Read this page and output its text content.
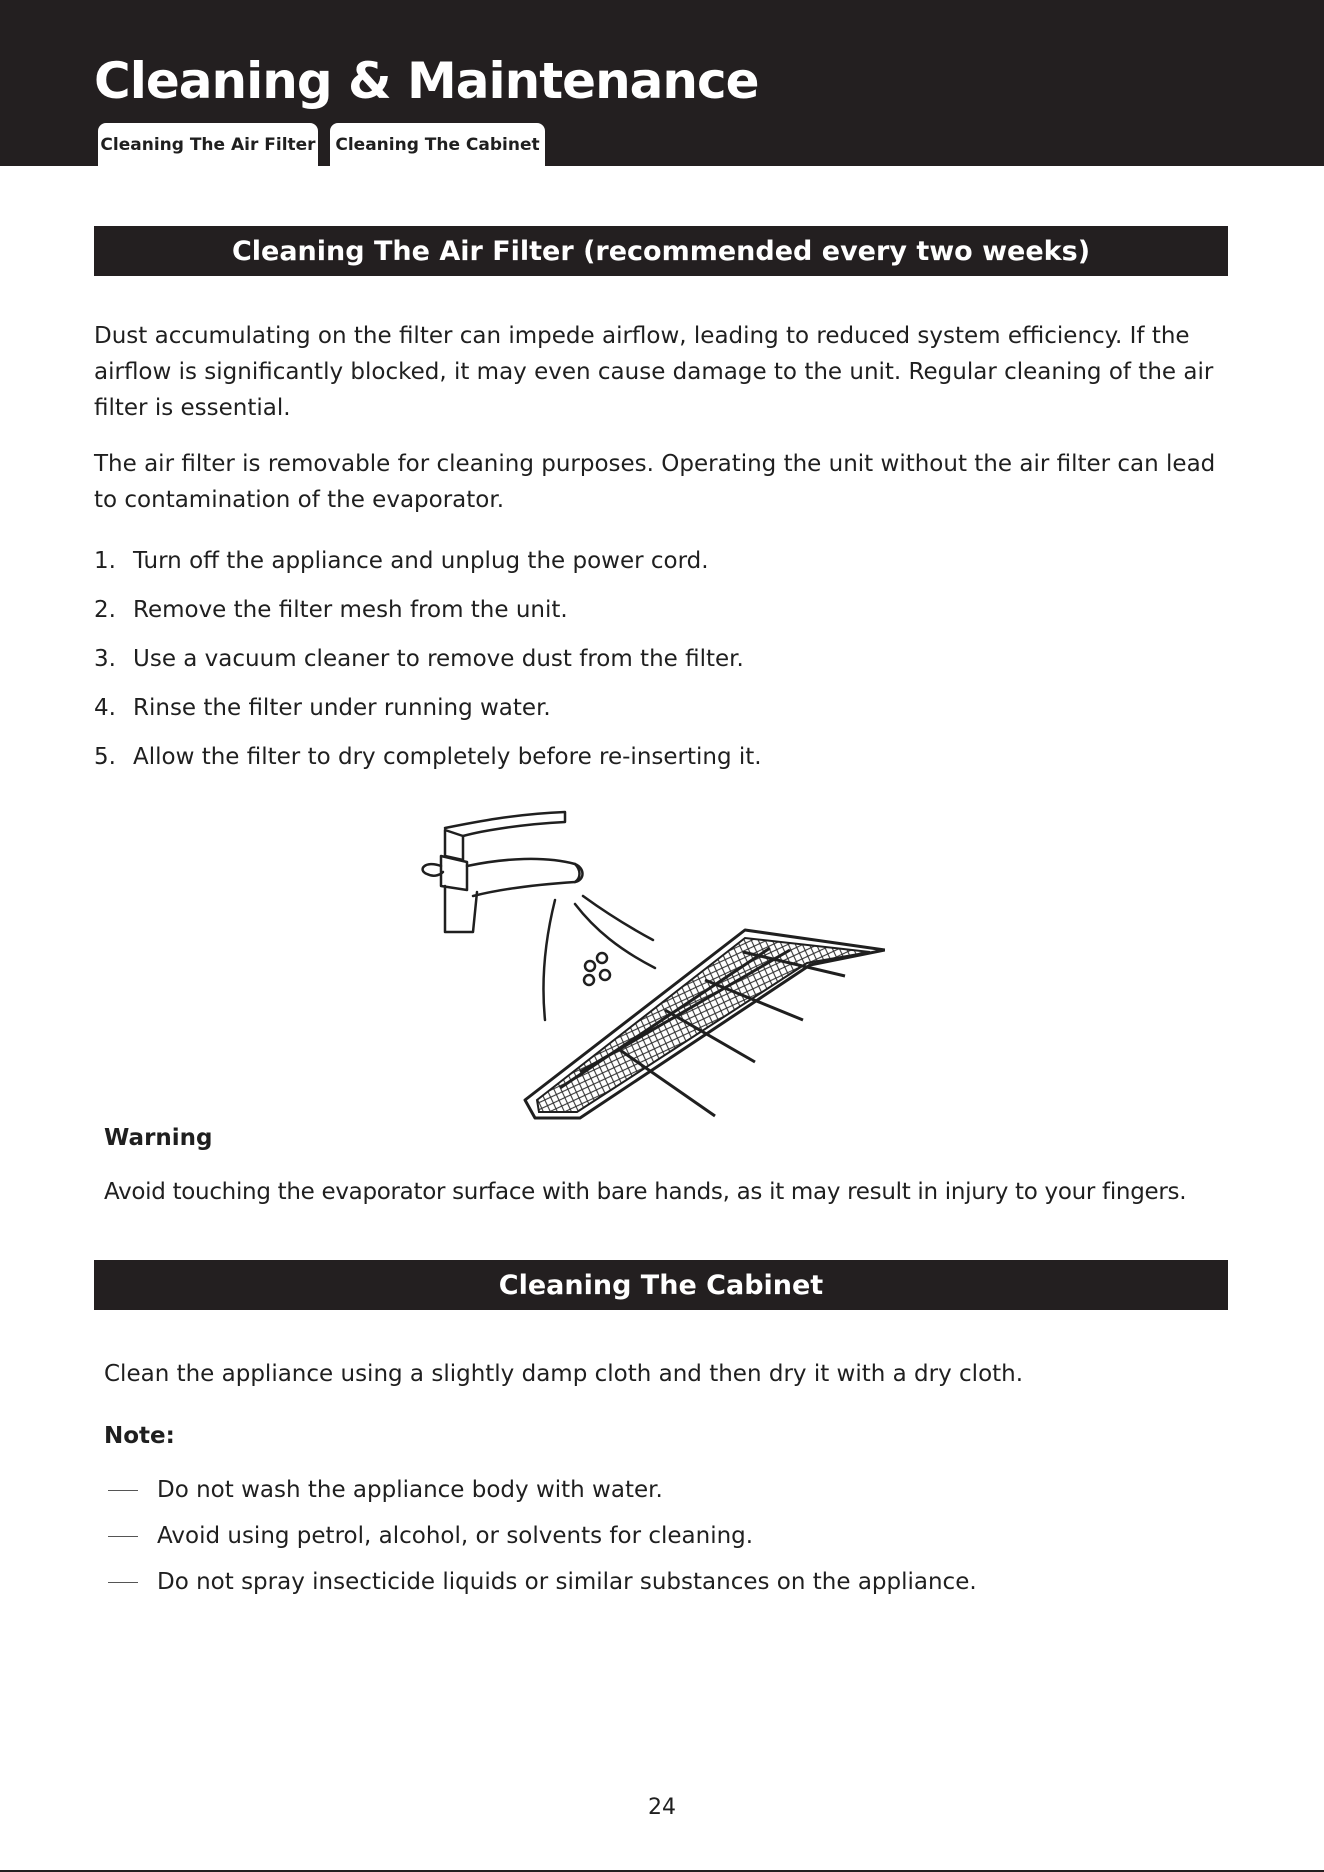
Cleaning & Maintenance
Cleaning The Air Filter	Cleaning The Cabinet
Cleaning The Air Filter (recommended every two weeks)

Dust accumulating on the filter can impede airflow, leading to reduced system efficiency. If the airflow is significantly blocked, it may even cause damage to the unit. Regular cleaning of the air filter is essential.

The air filter is removable for cleaning purposes. Operating the unit without the air filter can lead to contamination of the evaporator.

1. Turn off the appliance and unplug the power cord.
2. Remove the filter mesh from the unit.
3. Use a vacuum cleaner to remove dust from the filter.
4. Rinse the filter under running water.
5. Allow the filter to dry completely before re-inserting it.

Warning

Avoid touching the evaporator surface with bare hands, as it may result in injury to your fingers.

Cleaning The Cabinet

Clean the appliance using a slightly damp cloth and then dry it with a dry cloth.

Note:

Do not wash the appliance body with water.
Avoid using petrol, alcohol, or solvents for cleaning.
Do not spray insecticide liquids or similar substances on the appliance.

24
